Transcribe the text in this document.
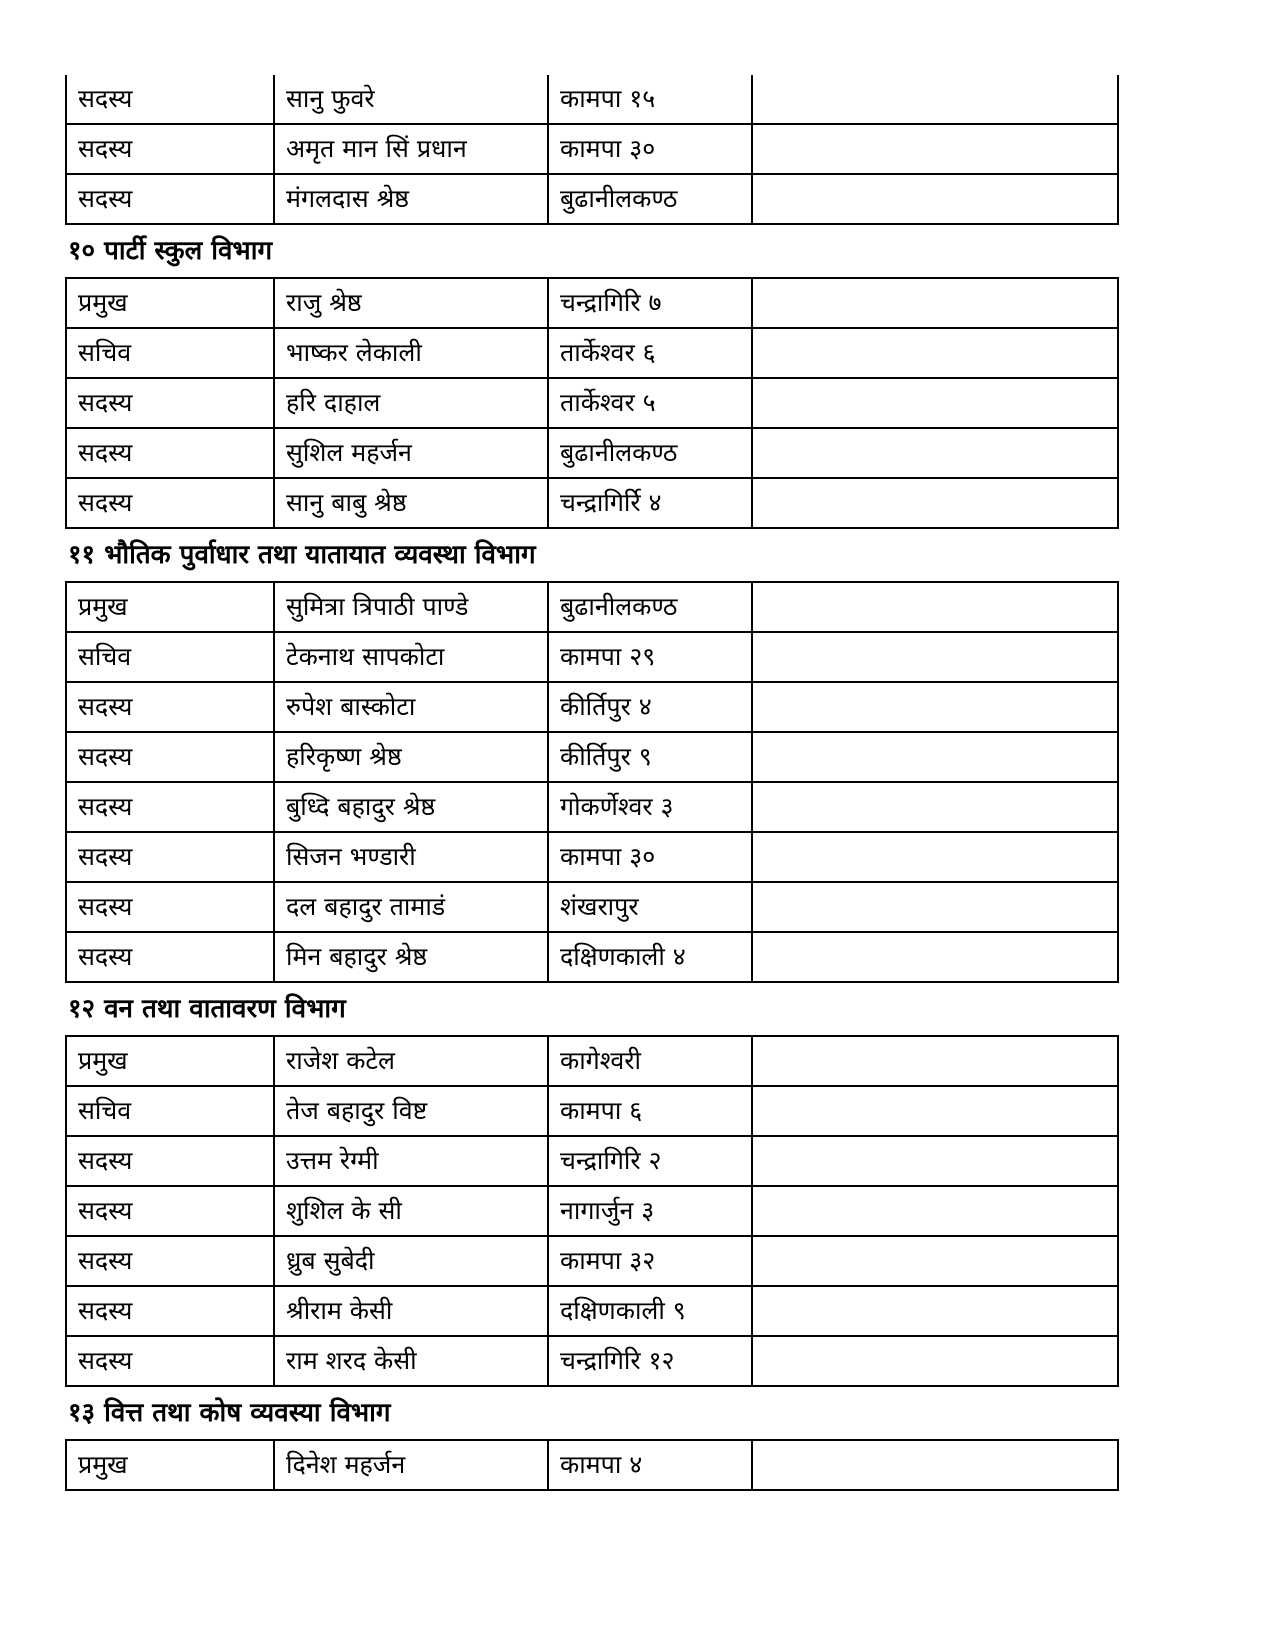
सदस्य	सानु फुवरे	कामपा १५	
सदस्य	अमृत मान सिं प्रधान	कामपा ३०	
सदस्य	मंगलदास श्रेष्ठ	बुढानीलकण्ठ	
१० पार्टी स्कुल विभाग
प्रमुख	राजु श्रेष्ठ	चन्द्रागिरि ७	
सचिव	भाष्कर लेकाली	तार्केश्वर ६	
सदस्य	हरि दाहाल	तार्केश्वर ५	
सदस्य	सुशिल महर्जन	बुढानीलकण्ठ	
सदस्य	सानु बाबु श्रेष्ठ	चन्द्रागिर्रि ४	
११ भौतिक पुर्वाधार तथा यातायात व्यवस्था विभाग
प्रमुख	सुमित्रा त्रिपाठी पाण्डे	बुढानीलकण्ठ	
सचिव	टेकनाथ सापकोटा	कामपा २९	
सदस्य	रुपेश बास्कोटा	कीर्तिपुर ४	
सदस्य	हरिकृष्ण श्रेष्ठ	कीर्तिपुर ९	
सदस्य	बुध्दि बहादुर श्रेष्ठ	गोकर्णेश्वर ३	
सदस्य	सिजन भण्डारी	कामपा ३०	
सदस्य	दल बहादुर तामाडं	शंखरापुर	
सदस्य	मिन बहादुर श्रेष्ठ	दक्षिणकाली ४	
१२ वन तथा वातावरण विभाग
प्रमुख	राजेश कटेल	कागेश्वरी	
सचिव	तेज बहादुर विष्ट	कामपा ६	
सदस्य	उत्तम रेग्मी	चन्द्रागिरि २	
सदस्य	शुशिल के सी	नागार्जुन ३	
सदस्य	ध्रुब सुबेदी	कामपा ३२	
सदस्य	श्रीराम केसी	दक्षिणकाली ९	
सदस्य	राम शरद केसी	चन्द्रागिरि १२	
१३ वित्त तथा कोष व्यवस्या विभाग
प्रमुख	दिनेश महर्जन	कामपा ४	
